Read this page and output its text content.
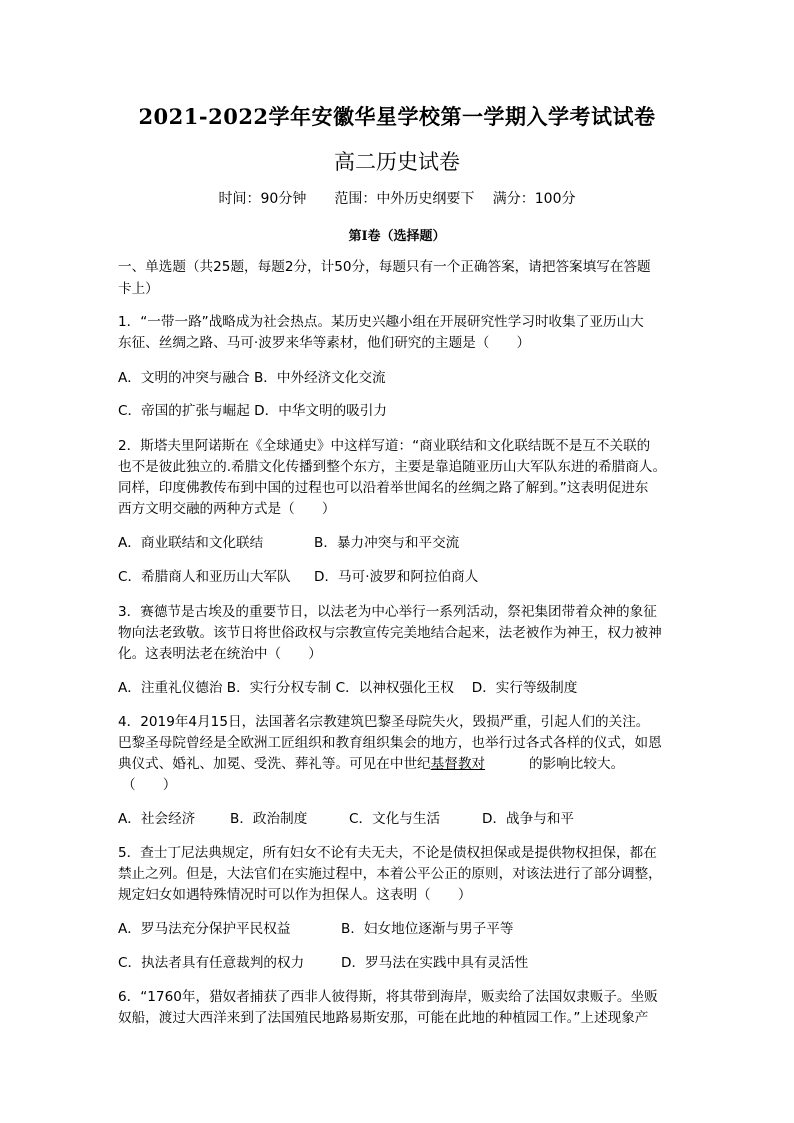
2021-2022学年安徽华星学校第一学期入学考试试卷
高二历史试卷
时间：90分钟　　范围：中外历史纲要下　 满分：100分
第Ⅰ卷（选择题）
一、单选题（共25题，每题2分，计50分，每题只有一个正确答案，请把答案填写在答题
卡上）
1．“一带一路”战略成为社会热点。某历史兴趣小组在开展研究性学习时收集了亚历山大
东征、丝绸之路、马可·波罗来华等素材，他们研究的主题是（　　）
A．文明的冲突与融合 B．中外经济文化交流
C．帝国的扩张与崛起 D．中华文明的吸引力
2．斯塔夫里阿诺斯在《全球通史》中这样写道：“商业联结和文化联结既不是互不关联的
也不是彼此独立的.希腊文化传播到整个东方，主要是靠追随亚历山大军队东进的希腊商人。
同样，印度佛教传布到中国的过程也可以沿着举世闻名的丝绸之路了解到。”这表明促进东
西方文明交融的两种方式是（　　）
A．商业联结和文化联结	B．暴力冲突与和平交流
C．希腊商人和亚历山大军队 D．马可·波罗和阿拉伯商人
3．赛德节是古埃及的重要节日，以法老为中心举行一系列活动，祭祀集团带着众神的象征
物向法老致敬。该节日将世俗政权与宗教宣传完美地结合起来，法老被作为神王，权力被神
化。这表明法老在统治中（　　）
A．注重礼仪德治 B．实行分权专制 C．以神权强化王权　 D．实行等级制度
4．2019年4月15日，法国著名宗教建筑巴黎圣母院失火，毁损严重，引起人们的关注。
巴黎圣母院曾经是全欧洲工匠组织和教育组织集会的地方，也举行过各式各样的仪式，如恩
典仪式、婚礼、加冕、受洗、葬礼等。可见在中世纪基督教对	的影响比较大。
（　　）
A．社会经济	B．政治制度	C．文化与生活	D．战争与和平
5．查士丁尼法典规定，所有妇女不论有夫无夫，不论是债权担保或是提供物权担保，都在
禁止之列。但是，大法官们在实施过程中，本着公平公正的原则，对该法进行了部分调整，
规定妇女如遇特殊情况时可以作为担保人。这表明（　　）
A．罗马法充分保护平民权益	B．妇女地位逐渐与男子平等
C．执法者具有任意裁判的权力	D．罗马法在实践中具有灵活性
6．“1760年，猎奴者捕获了西非人彼得斯，将其带到海岸，贩卖给了法国奴隶贩子。坐贩
奴船，渡过大西洋来到了法国殖民地路易斯安那，可能在此地的种植园工作。”上述现象产
